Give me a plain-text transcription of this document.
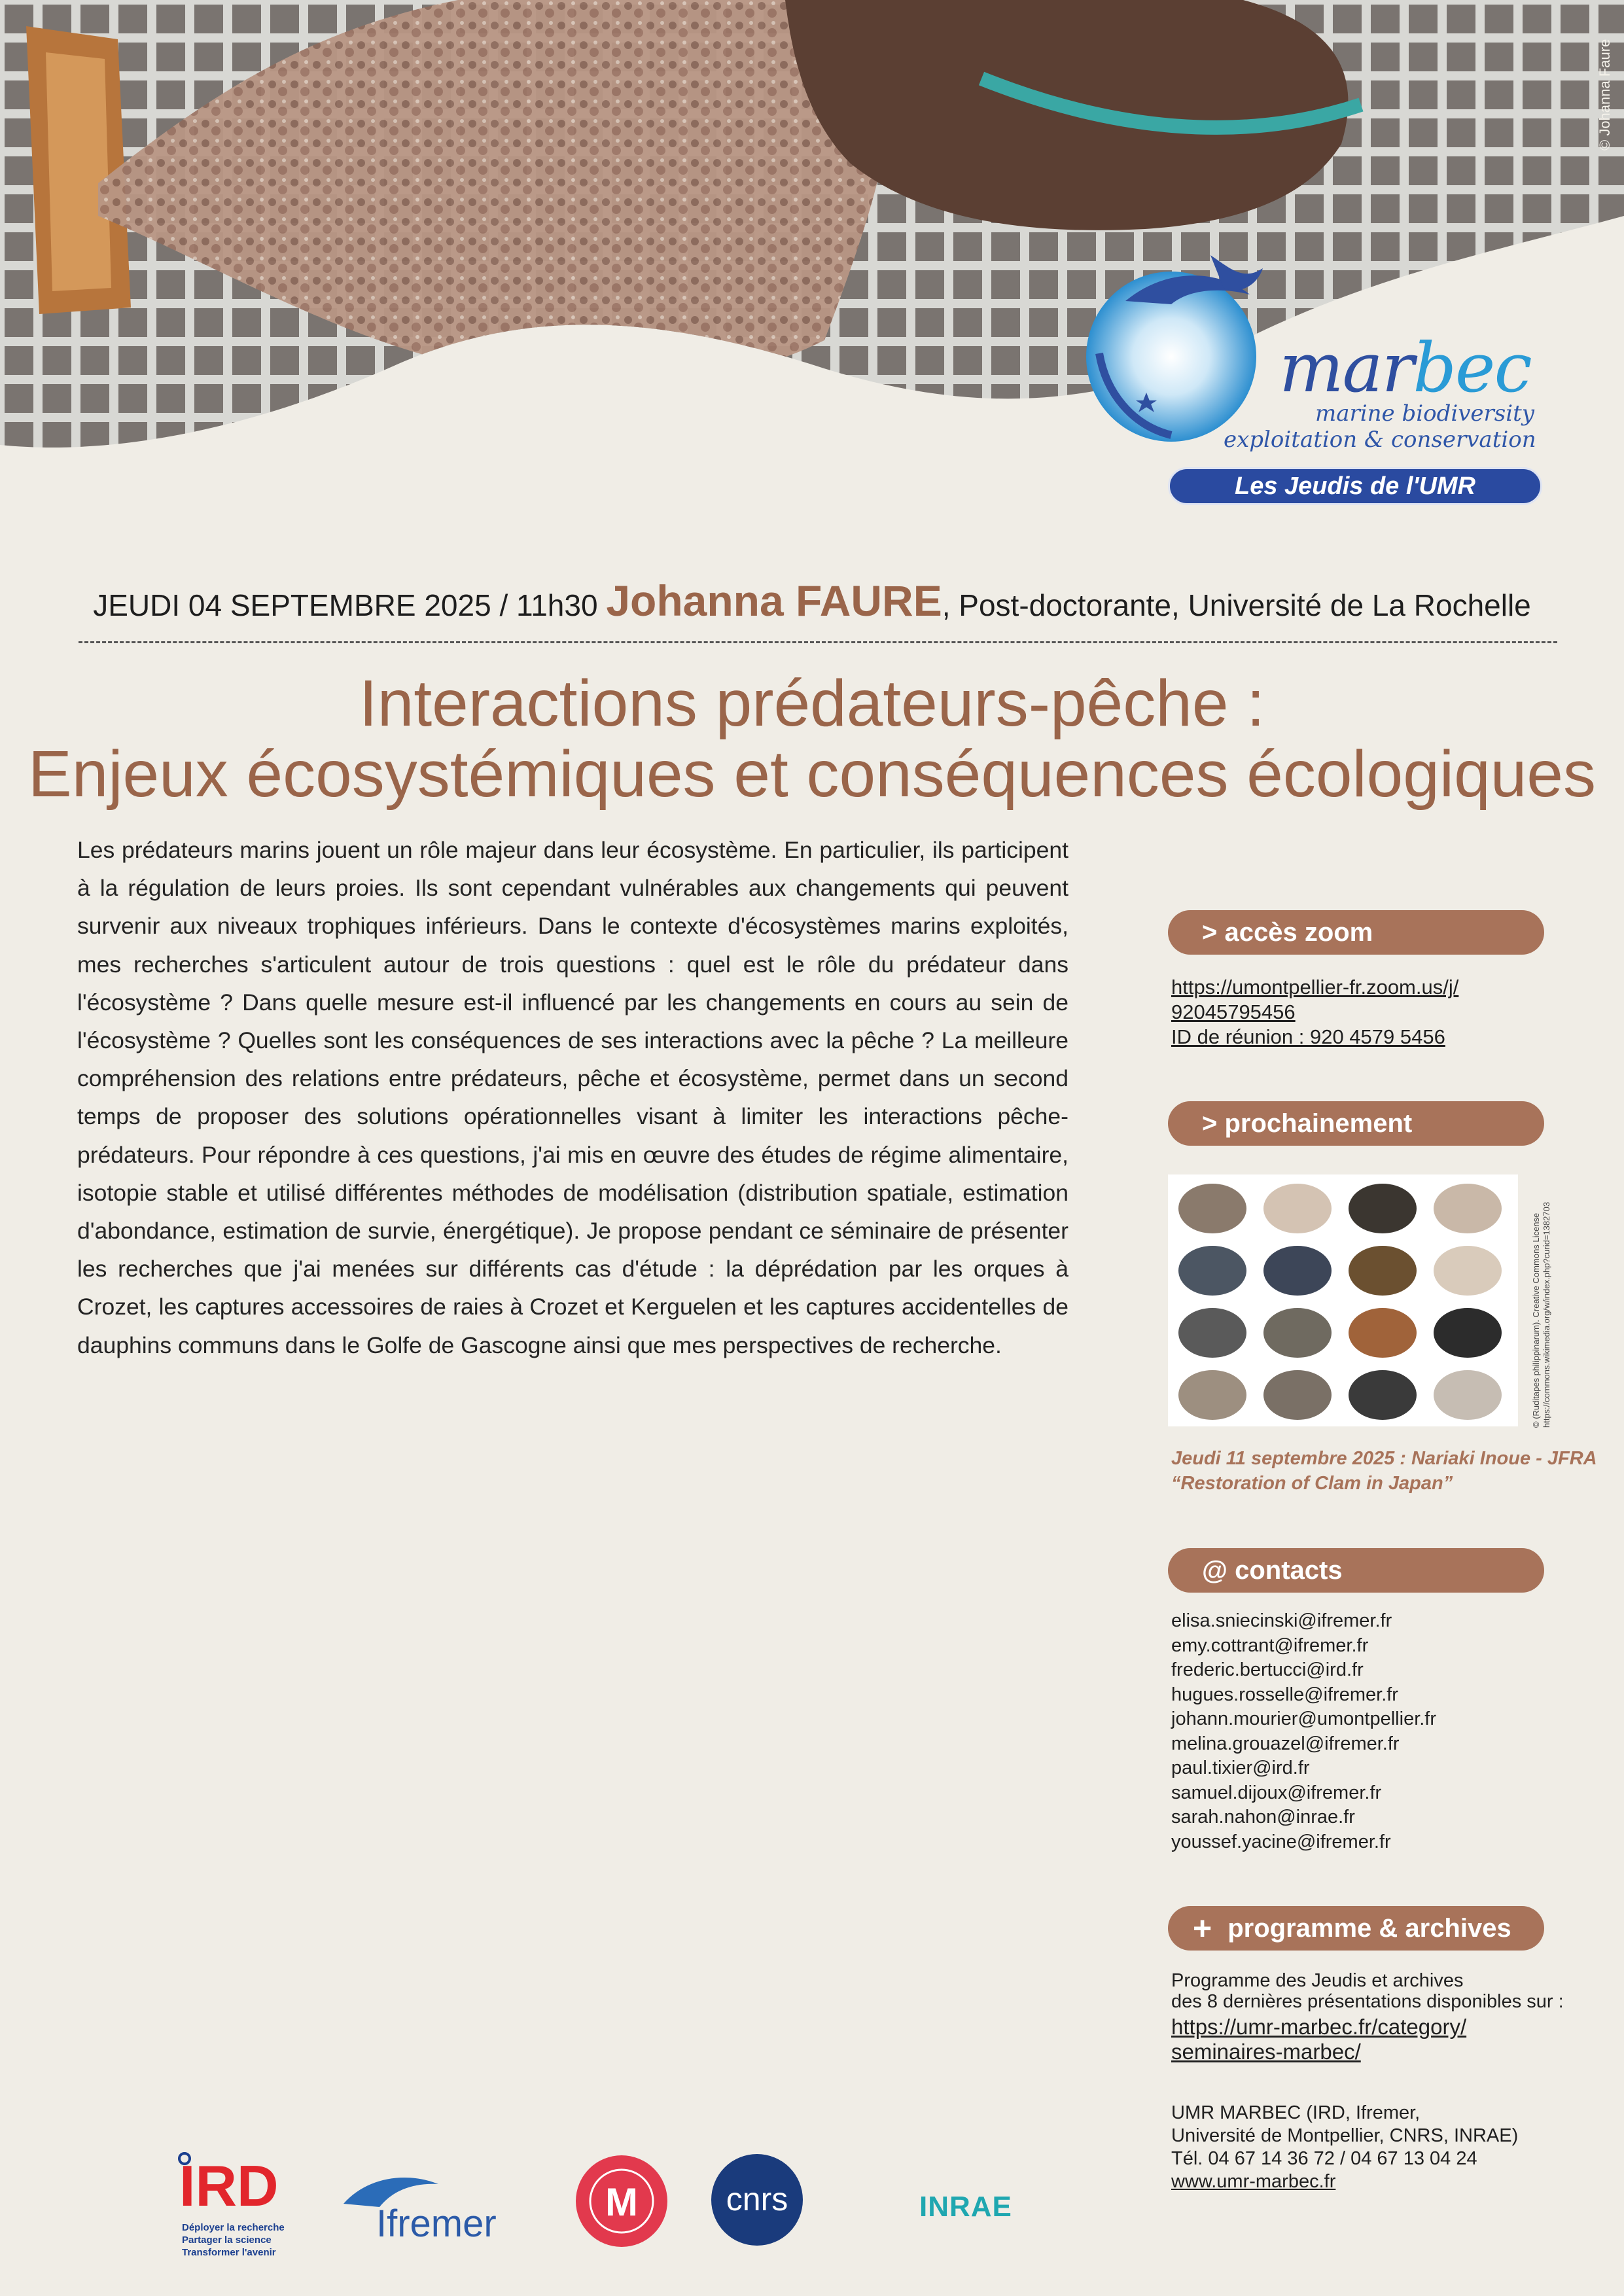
© Johanna Faure
marbec
marine biodiversity
exploitation & conservation
Les Jeudis de l'UMR
JEUDI 04 SEPTEMBRE 2025 / 11h30 Johanna FAURE, Post-doctorante, Université de La Rochelle
Interactions prédateurs-pêche :
Enjeux écosystémiques et conséquences écologiques
Les prédateurs marins jouent un rôle majeur dans leur écosystème. En particulier, ils participent à la régulation de leurs proies. Ils sont cependant vulnérables aux changements qui peuvent survenir aux niveaux trophiques inférieurs. Dans le contexte d'écosystèmes marins exploités, mes recherches s'articulent autour de trois questions : quel est le rôle du prédateur dans l'écosystème ? Dans quelle mesure est-il influencé par les changements en cours au sein de l'écosystème ? Quelles sont les conséquences de ses interactions avec la pêche ? La meilleure compréhension des relations entre prédateurs, pêche et écosystème, permet dans un second temps de proposer des solutions opérationnelles visant à limiter les interactions pêche-prédateurs. Pour répondre à ces questions, j'ai mis en œuvre des études de régime alimentaire, isotopie stable et utilisé différentes méthodes de modélisation (distribution spatiale, estimation d'abondance, estimation de survie, énergétique). Je propose pendant ce séminaire de présenter les recherches que j'ai menées sur différents cas d'étude : la déprédation par les orques à Crozet, les captures accessoires de raies à Crozet et Kerguelen et les captures accidentelles de dauphins communs dans le Golfe de Gascogne ainsi que mes perspectives de recherche.
> accès zoom
https://umontpellier-fr.zoom.us/j/
92045795456
ID de réunion : 920 4579 5456
> prochainement
© (Ruditapes philippinarum). Creative Commons License https://commons.wikimedia.org/w/index.php?curid=1382703
Jeudi 11 septembre 2025 : Nariaki Inoue - JFRA
“Restoration of Clam in Japan”
@ contacts
elisa.sniecinski@ifremer.fr
emy.cottrant@ifremer.fr
frederic.bertucci@ird.fr
hugues.rosselle@ifremer.fr
johann.mourier@umontpellier.fr
melina.grouazel@ifremer.fr
paul.tixier@ird.fr
samuel.dijoux@ifremer.fr
sarah.nahon@inrae.fr
youssef.yacine@ifremer.fr
+ programme & archives
Programme des Jeudis et archives
des 8 dernières présentations disponibles sur :
https://umr-marbec.fr/category/
seminaires-marbec/
UMR MARBEC (IRD, Ifremer,
Université de Montpellier, CNRS, INRAE)
Tél. 04 67 14 36 72 / 04 67 13 04 24
www.umr-marbec.fr
IRD
Déployer la recherche
Partager la science
Transformer l'avenir
Ifremer	M	cnrs	INRAE
